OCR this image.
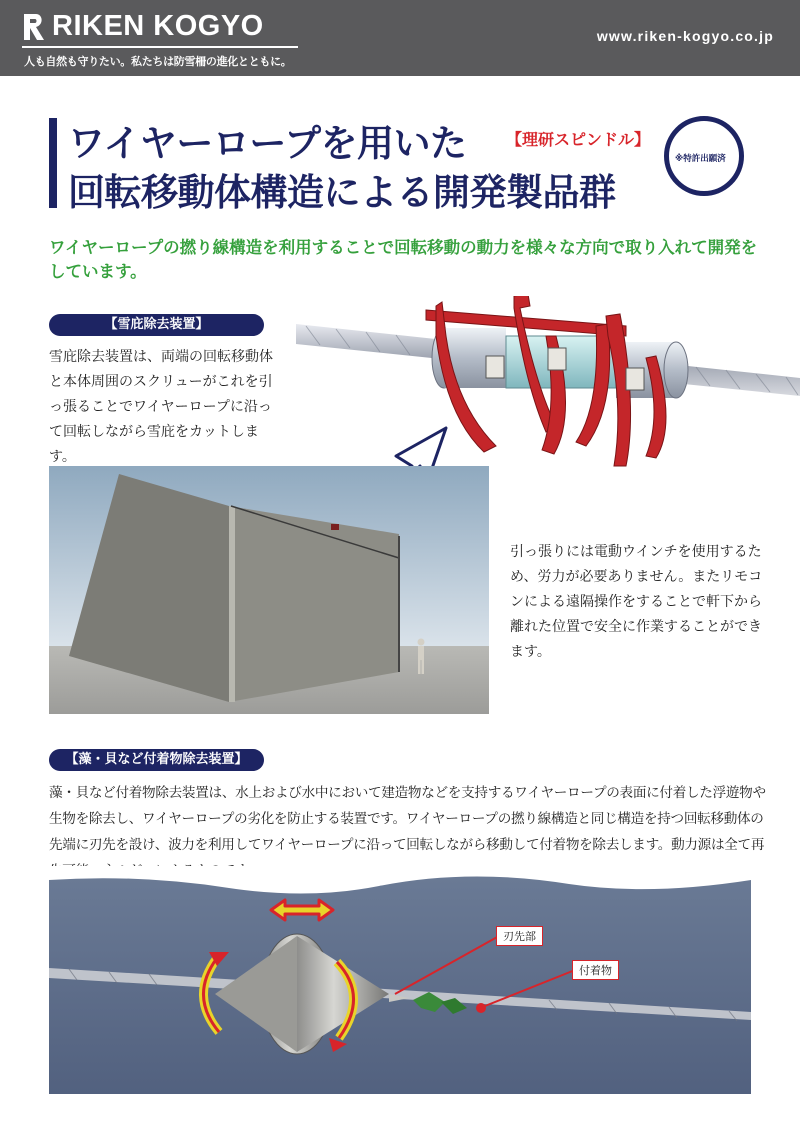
RIKEN KOGYO
人も自然も守りたい。私たちは防雪柵の進化とともに。
www.riken-kogyo.co.jp
ワイヤーロープを用いた
回転移動体構造による開発製品群
【理研スピンドル】
※特許出願済
ワイヤーロープの撚り線構造を利用することで回転移動の動力を様々な方向で取り入れて開発をしています。
【雪庇除去装置】
雪庇除去装置は、両端の回転移動体と本体周囲のスクリューがこれを引っ張ることでワイヤーロープに沿って回転しながら雪庇をカットします。
引っ張りには電動ウインチを使用するため、労力が必要ありません。またリモコンによる遠隔操作をすることで軒下から離れた位置で安全に作業することができます。
【藻・貝など付着物除去装置】
藻・貝など付着物除去装置は、水上および水中において建造物などを支持するワイヤーロープの表面に付着した浮遊物や生物を除去し、ワイヤーロープの劣化を防止する装置です。ワイヤーロープの撚り線構造と同じ構造を持つ回転移動体の先端に刃先を設け、波力を利用してワイヤーロープに沿って回転しながら移動して付着物を除去します。動力源は全て再
刃先部
付着物
